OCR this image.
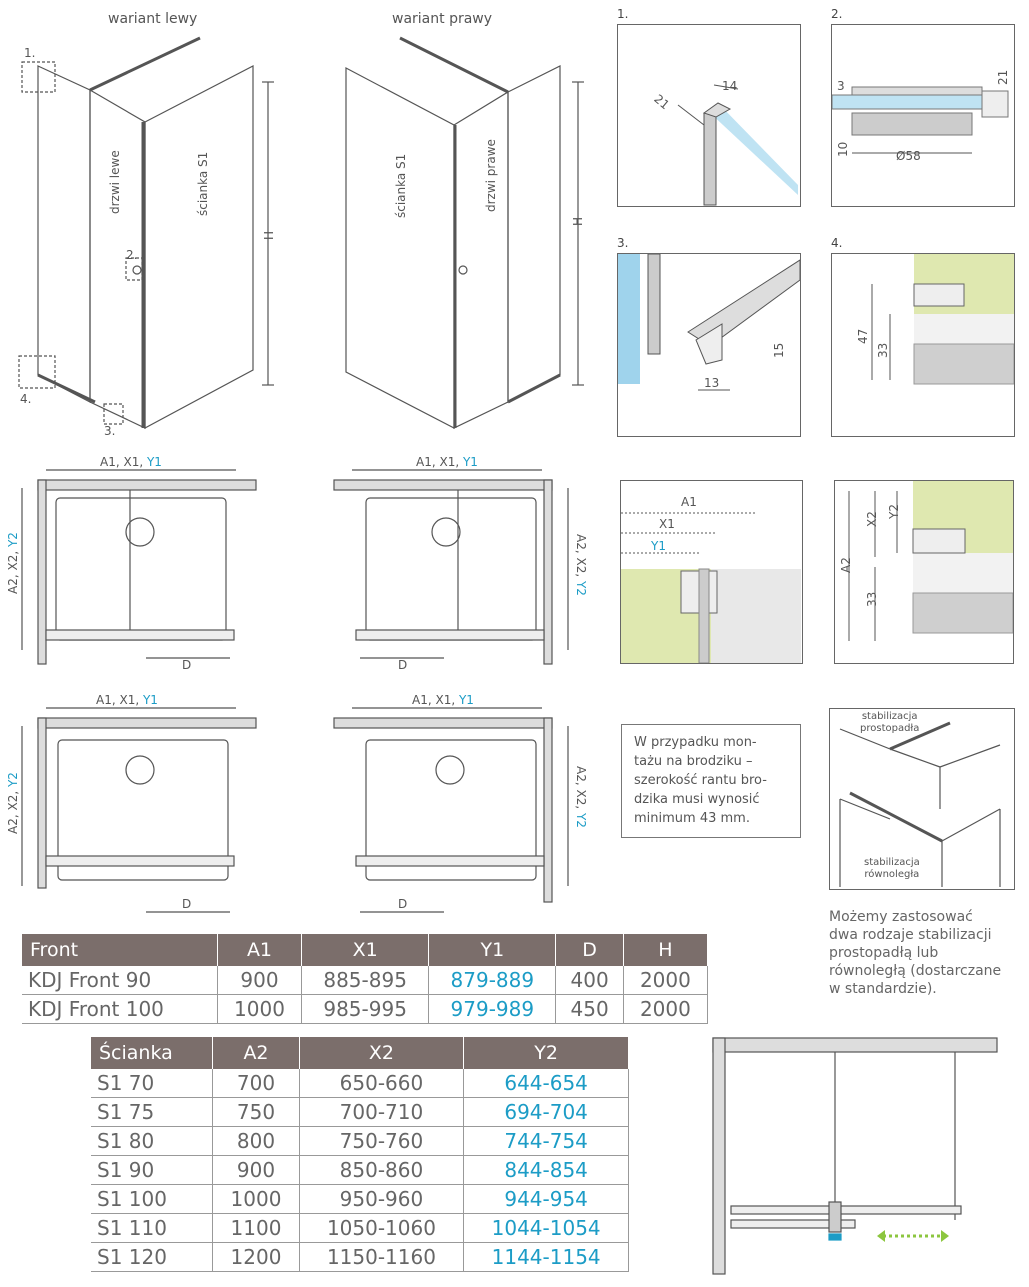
wariant lewy	wariant prawy
1.
2.
3.
4.
drzwi lewe	ścianka S1	ścianka S1	drzwi prawe
H
H
1.
21
14
2.
3
21
10	Ø58
3.
15
13
4.
47
33
A1
X1
Y1
A2
X2 Y2
33
A1, X1, Y1	A1, X1, Y1
A1, X1, Y1	A1, X1, Y1
A2, X2, Y2
A2, X2, Y2
A2, X2, Y2
A2, X2, Y2
D	D
D	D
W przypadku mon-
tażu na brodziku –
szerokość rantu bro-
dzika musi wynosić
minimum 43 mm.
stabilizacja
prostopadła
stabilizacja
równoległa
Możemy zastosować
dwa rodzaje stabilizacji
prostopadłą lub
równoległą (dostarczane
w standardzie).
Front	A1	X1	Y1	D	H
KDJ Front 90	900	885-895	879-889	400	2000
KDJ Front 100	1000	985-995	979-989	450	2000
Ścianka	A2	X2	Y2
S1 70	700	650-660	644-654
S1 75	750	700-710	694-704
S1 80	800	750-760	744-754
S1 90	900	850-860	844-854
S1 100	1000	950-960	944-954
S1 110	1100	1050-1060	1044-1054
S1 120	1200	1150-1160	1144-1154
